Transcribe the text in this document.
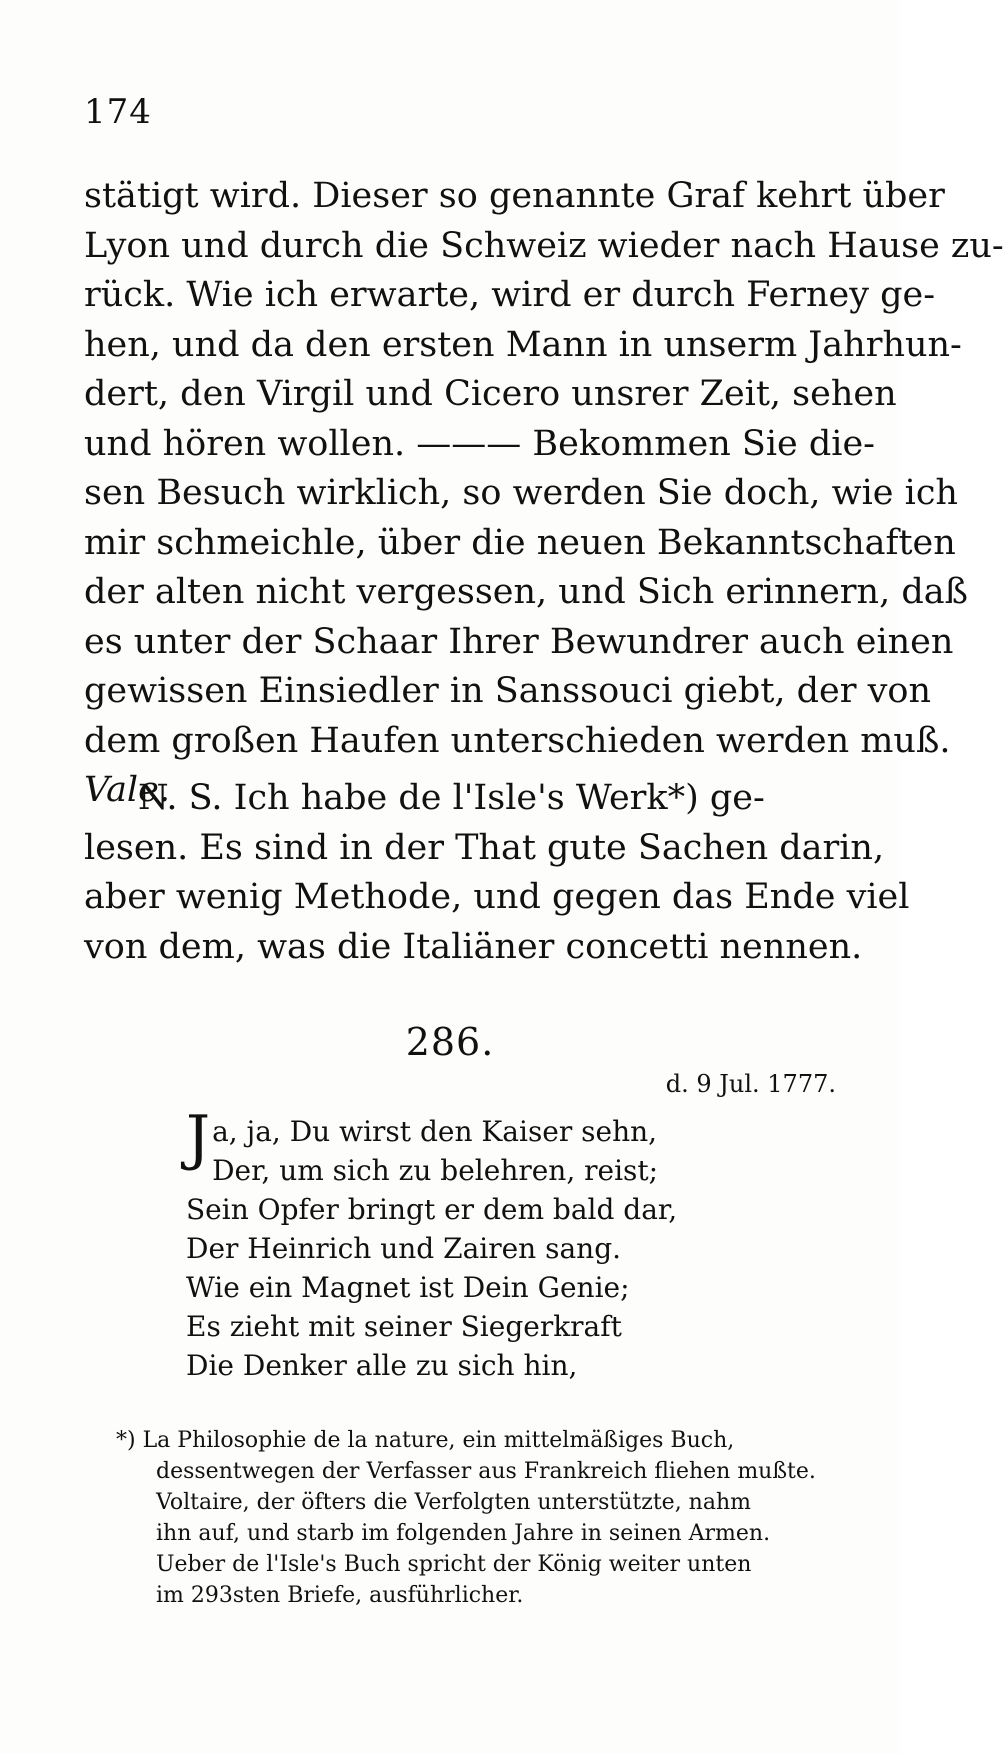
174
stätigt wird. Dieser so genannte Graf kehrt über
Lyon und durch die Schweiz wieder nach Hause zu-
rück. Wie ich erwarte, wird er durch Ferney ge-
hen, und da den ersten Mann in unserm Jahrhun-
dert, den Virgil und Cicero unsrer Zeit, sehen
und hören wollen. ——— Bekommen Sie die-
sen Besuch wirklich, so werden Sie doch, wie ich
mir schmeichle, über die neuen Bekanntschaften
der alten nicht vergessen, und Sich erinnern, daß
es unter der Schaar Ihrer Bewundrer auch einen
gewissen Einsiedler in Sanssouci giebt, der von
dem großen Haufen unterschieden werden muß.
Vale.
N. S. Ich habe de l'Isle's Werk*) ge-
lesen. Es sind in der That gute Sachen darin,
aber wenig Methode, und gegen das Ende viel
von dem, was die Italiäner concetti nennen.
286.
d. 9 Jul. 1777.
J a, ja, Du wirst den Kaiser sehn,
Der, um sich zu belehren, reist;
Sein Opfer bringt er dem bald dar,
Der Heinrich und Zairen sang.
Wie ein Magnet ist Dein Genie;
Es zieht mit seiner Siegerkraft
Die Denker alle zu sich hin,
*) La Philosophie de la nature, ein mittelmäßiges Buch,
dessentwegen der Verfasser aus Frankreich fliehen mußte.
Voltaire, der öfters die Verfolgten unterstützte, nahm
ihn auf, und starb im folgenden Jahre in seinen Armen.
Ueber de l'Isle's Buch spricht der König weiter unten
im 293sten Briefe, ausführlicher.
